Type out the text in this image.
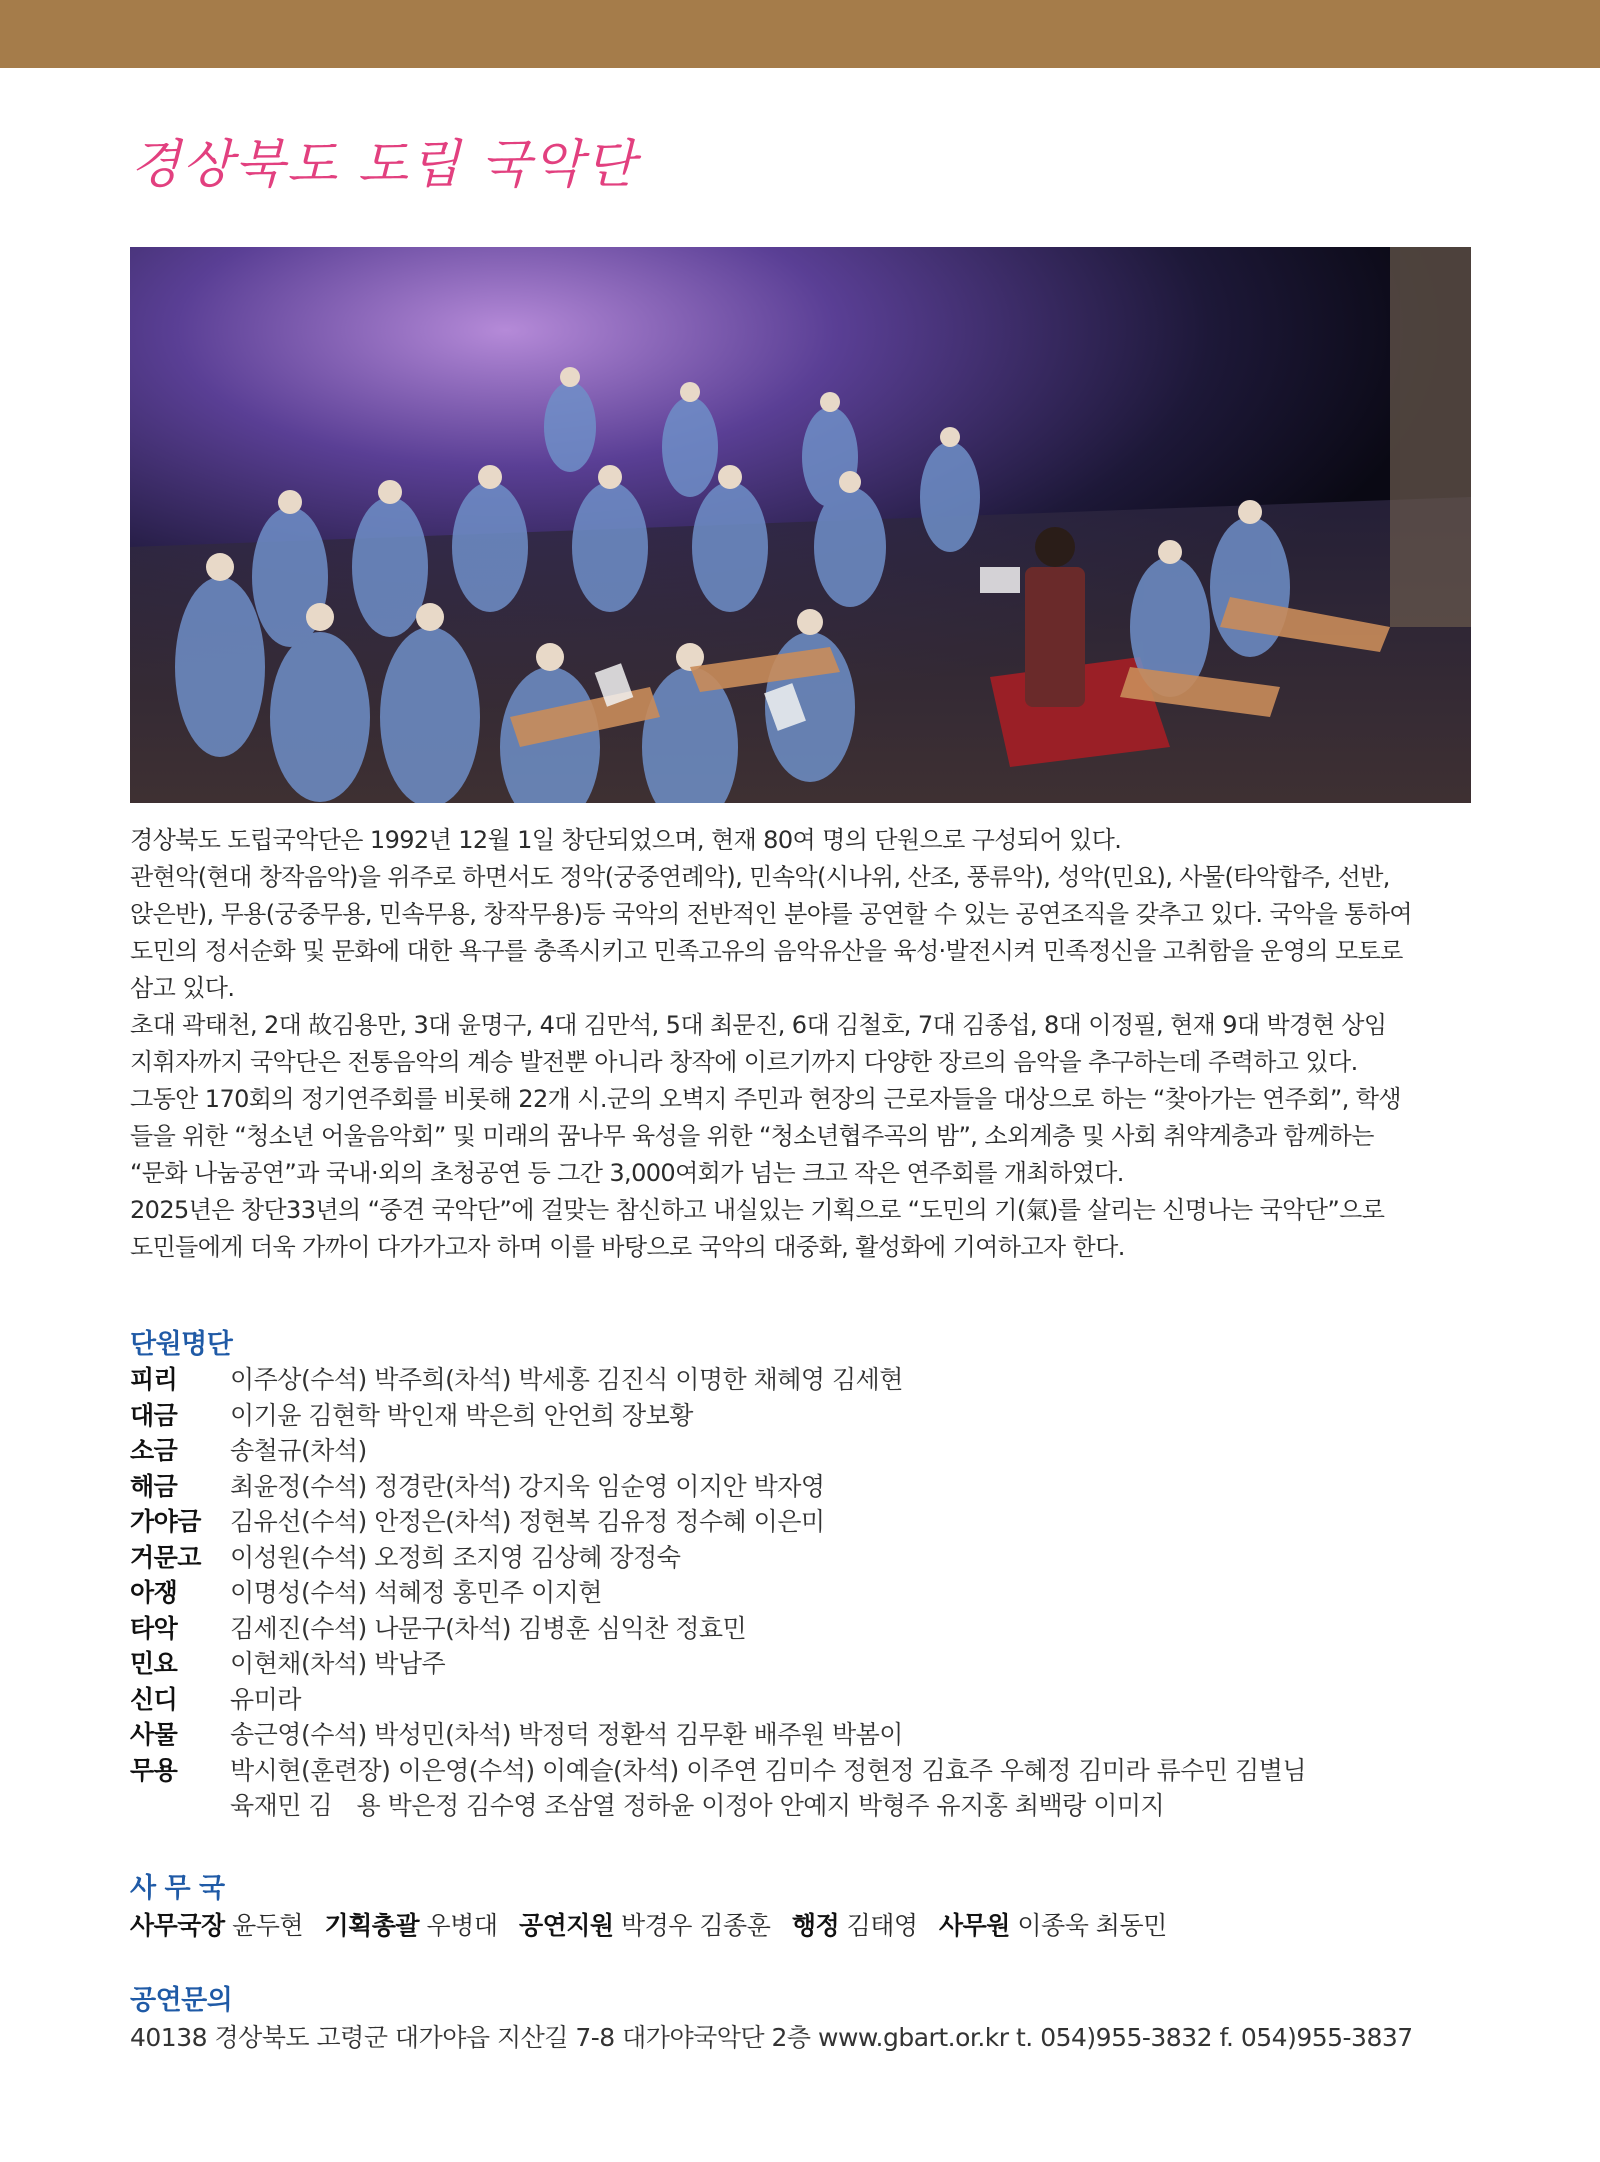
경상북도 도립 국악단

경상북도 도립국악단은 1992년 12월 1일 창단되었으며, 현재 80여 명의 단원으로 구성되어 있다.

관현악(현대 창작음악)을 위주로 하면서도 정악(궁중연례악), 민속악(시나위, 산조, 풍류악), 성악(민요), 사물(타악합주, 선반,

앉은반), 무용(궁중무용, 민속무용, 창작무용)등 국악의 전반적인 분야를 공연할 수 있는 공연조직을 갖추고 있다. 국악을 통하여

도민의 정서순화 및 문화에 대한 욕구를 충족시키고 민족고유의 음악유산을 육성·발전시켜 민족정신을 고취함을 운영의 모토로

삼고 있다.

초대 곽태천, 2대 故김용만, 3대 윤명구, 4대 김만석, 5대 최문진, 6대 김철호, 7대 김종섭, 8대 이정필, 현재 9대 박경현 상임

지휘자까지 국악단은 전통음악의 계승 발전뿐 아니라 창작에 이르기까지 다양한 장르의 음악을 추구하는데 주력하고 있다.

그동안 170회의 정기연주회를 비롯해 22개 시.군의 오벽지 주민과 현장의 근로자들을 대상으로 하는 “찾아가는 연주회”, 학생

들을 위한 “청소년 어울음악회” 및 미래의 꿈나무 육성을 위한 “청소년협주곡의 밤”, 소외계층 및 사회 취약계층과 함께하는

“문화 나눔공연”과 국내·외의 초청공연 등 그간 3,000여회가 넘는 크고 작은 연주회를 개최하였다.

2025년은 창단33년의 “중견 국악단”에 걸맞는 참신하고 내실있는 기획으로 “도민의 기(氣)를 살리는 신명나는 국악단”으로

도민들에게 더욱 가까이 다가가고자 하며 이를 바탕으로 국악의 대중화, 활성화에 기여하고자 한다.

단원명단
피리	이주상(수석) 박주희(차석) 박세홍 김진식 이명한 채혜영 김세현
대금	이기윤 김현학 박인재 박은희 안언희 장보황
소금	송철규(차석)
해금	최윤정(수석) 정경란(차석) 강지욱 임순영 이지안 박자영
가야금	김유선(수석) 안정은(차석) 정현복 김유정 정수혜 이은미
거문고	이성원(수석) 오정희 조지영 김상혜 장정숙
아쟁	이명성(수석) 석혜정 홍민주 이지현
타악	김세진(수석) 나문구(차석) 김병훈 심익찬 정효민
민요	이현채(차석) 박남주
신디	유미라
사물	송근영(수석) 박성민(차석) 박정덕 정환석 김무환 배주원 박봄이
무용	박시현(훈련장) 이은영(수석) 이예슬(차석) 이주연 김미수 정현정 김효주 우혜정 김미라 류수민 김별님
육재민 김　용 박은정 김수영 조삼열 정하윤 이정아 안예지 박형주 유지홍 최백랑 이미지
사 무 국
사무국장 윤두현 기획총괄 우병대 공연지원 박경우 김종훈 행정 김태영 사무원 이종욱 최동민
공연문의
40138 경상북도 고령군 대가야읍 지산길 7-8 대가야국악단 2층 www.gbart.or.kr t. 054)955-3832 f. 054)955-3837
